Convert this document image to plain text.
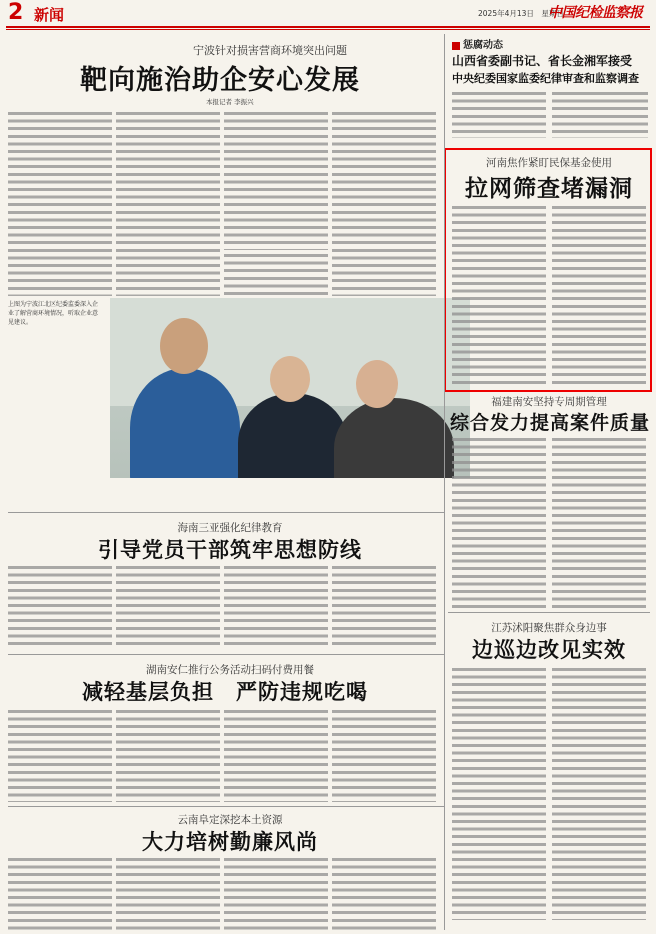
2 新闻	2025年4月13日　星期日
中国纪检监察报
宁波针对损害营商环境突出问题
靶向施治助企安心发展
本报记者 李振兴
上图为宁波江北区纪委监委深入企业了解营商环境情况，听取企业意见建议。
惩腐动态
山西省委副书记、省长金湘军接受
中央纪委国家监委纪律审查和监察调查
河南焦作紧盯民保基金使用
拉网筛查堵漏洞
福建南安坚持专周期管理
综合发力提高案件质量
海南三亚强化纪律教育
引导党员干部筑牢思想防线
江苏沭阳聚焦群众身边事
边巡边改见实效
湖南安仁推行公务活动扫码付费用餐
减轻基层负担　严防违规吃喝
云南阜定深挖本土资源
大力培树勤廉风尚
